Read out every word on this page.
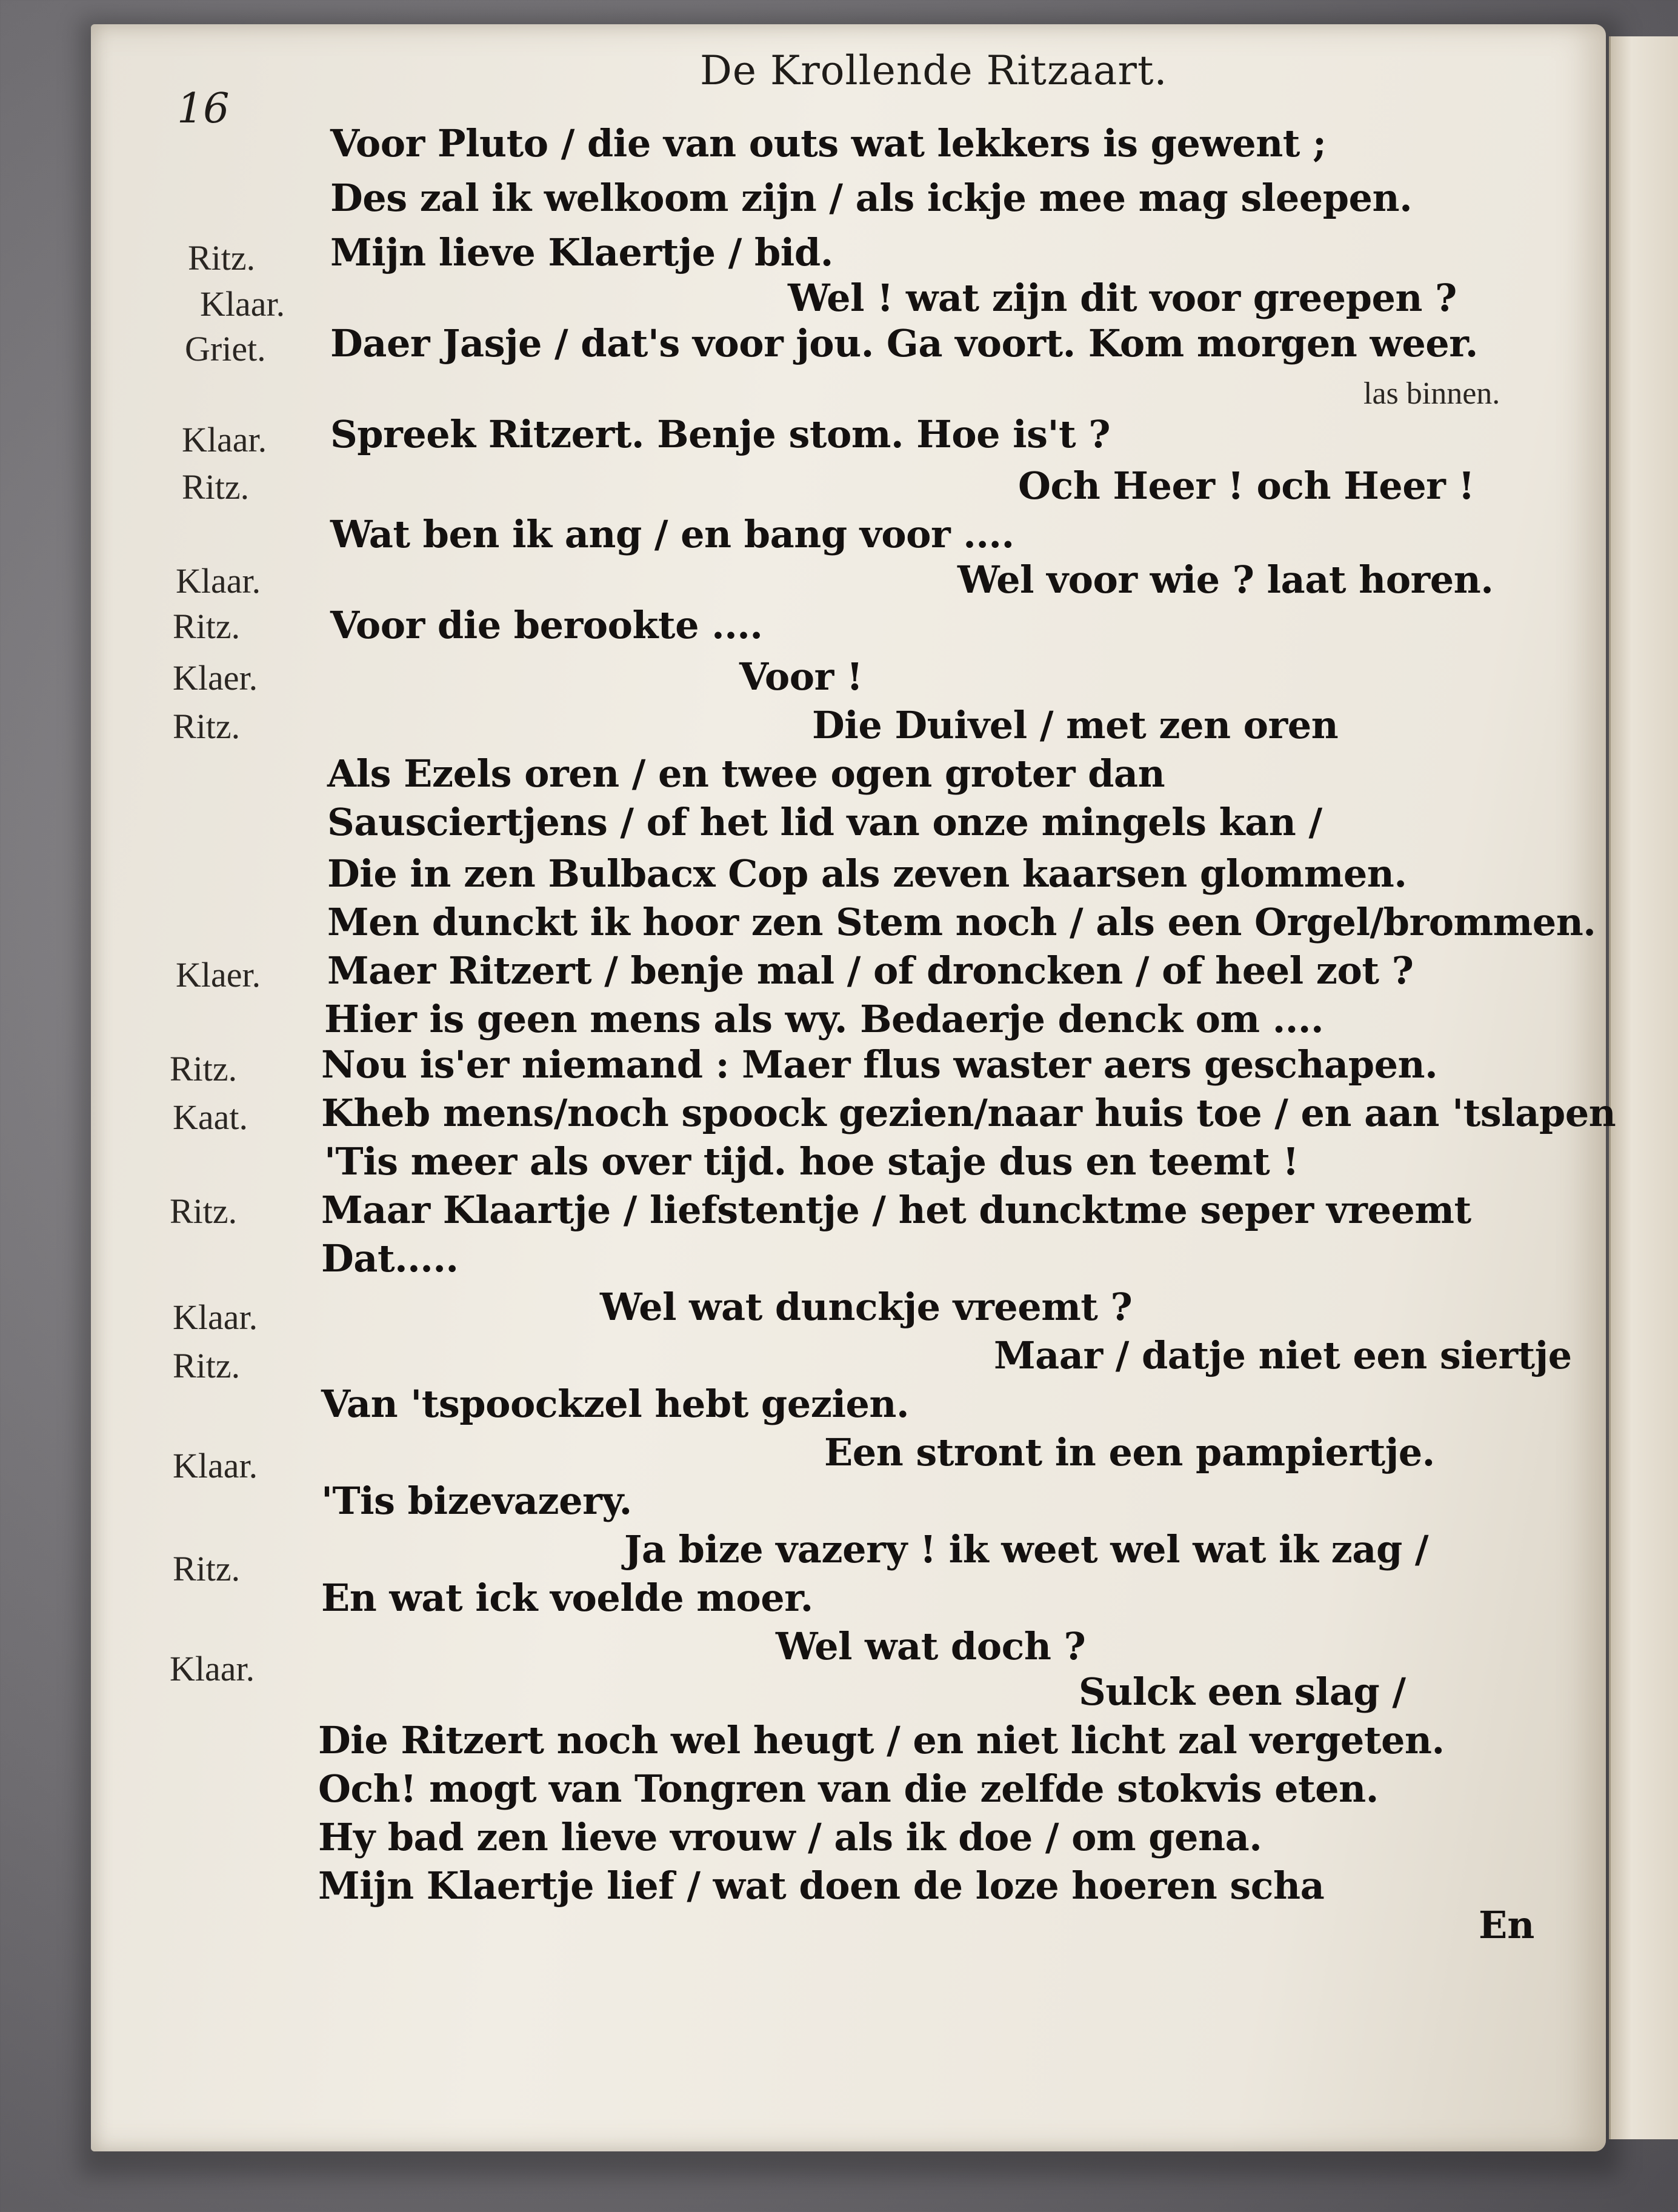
De Krollende Ritzaart.
16
Ritz.
Klaar.
Griet.
Klaar.
Ritz.
Klaar.
Ritz.
Klaer.
Ritz.
Klaer.
Ritz.
Kaat.
Ritz.
Klaar.
Ritz.
Klaar.
Ritz.
Klaar.
Voor Pluto / die van outs wat lekkers is gewent ;
Des zal ik welkoom zijn / als ickje mee mag sleepen.
Mijn lieve Klaertje / bid.
Wel ! wat zijn dit voor greepen ?
Daer Jasje / dat's voor jou. Ga voort. Kom morgen weer.
las binnen.
Spreek Ritzert. Benje stom. Hoe is't ?
Och Heer ! och Heer !
Wat ben ik ang / en bang voor ....
Wel voor wie ? laat horen.
Voor die berookte ....
Voor !
Die Duivel / met zen oren
Als Ezels oren / en twee ogen groter dan
Sausciertjens / of het lid van onze mingels kan /
Die in zen Bulbacx Cop als zeven kaarsen glommen.
Men dunckt ik hoor zen Stem noch / als een Orgel/brommen.
Maer Ritzert / benje mal / of droncken / of heel zot ?
Hier is geen mens als wy. Bedaerje denck om ....
Nou is'er niemand : Maer flus waster aers geschapen.
Kheb mens/noch spoock gezien/naar huis toe / en aan 'tslapen
'Tis meer als over tijd. hoe staje dus en teemt !
Maar Klaartje / liefstentje / het duncktme seper vreemt
Dat.....
Wel wat dunckje vreemt ?
Maar / datje niet een siertje
Van 'tspoockzel hebt gezien.
Een stront in een pampiertje.
'Tis bizevazery.
Ja bize vazery ! ik weet wel wat ik zag /
En wat ick voelde moer.
Wel wat doch ?
Sulck een slag /
Die Ritzert noch wel heugt / en niet licht zal vergeten.
Och! mogt van Tongren van die zelfde stokvis eten.
Hy bad zen lieve vrouw / als ik doe / om gena.
Mijn Klaertje lief / wat doen de loze hoeren scha
En
